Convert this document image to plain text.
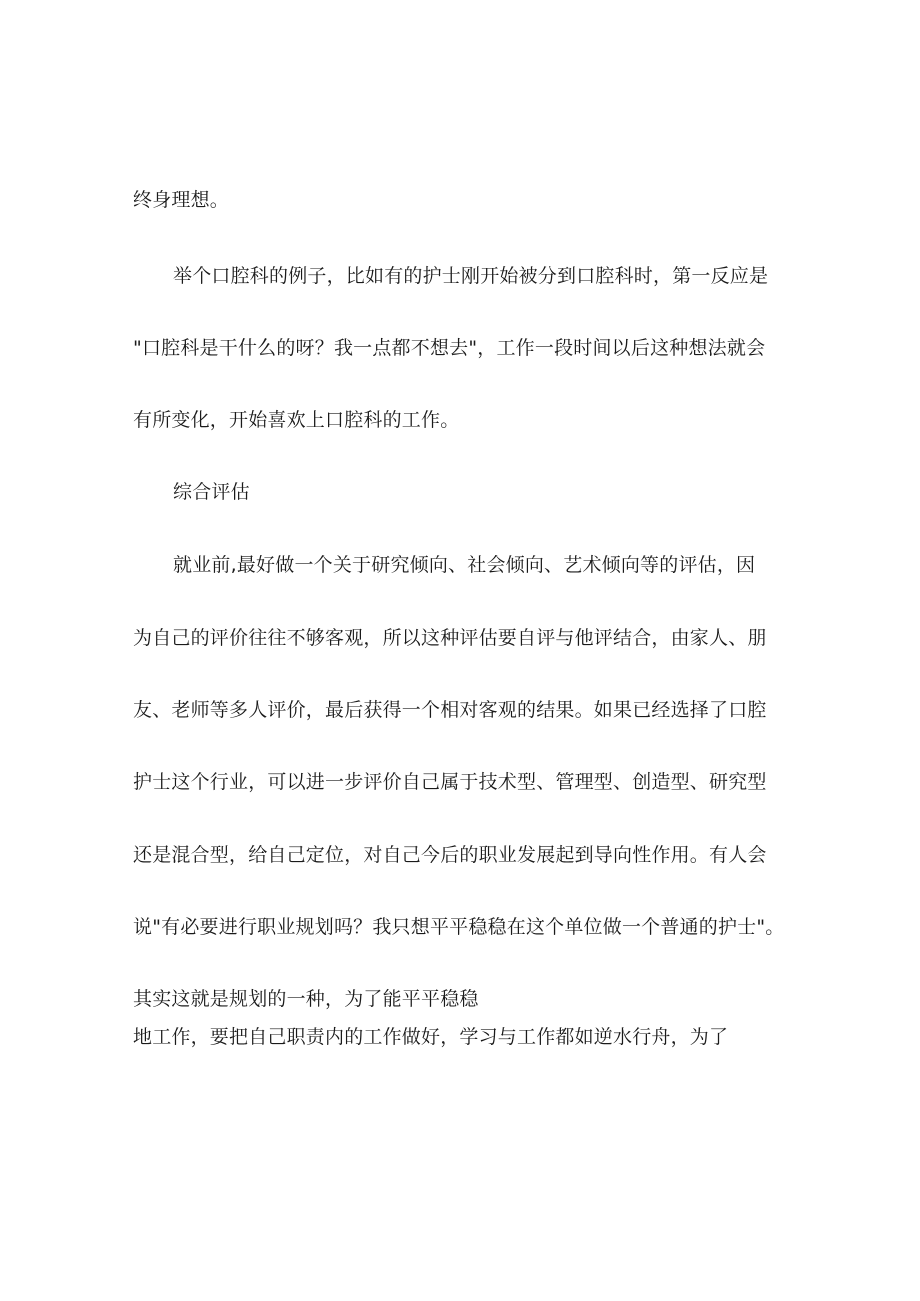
终身理想。
举个口腔科的例子，比如有的护士刚开始被分到口腔科时，第一反应是
"口腔科是干什么的呀？我一点都不想去"，工作一段时间以后这种想法就会
有所变化，开始喜欢上口腔科的工作。
综合评估
就业前,最好做一个关于研究倾向、社会倾向、艺术倾向等的评估，因
为自己的评价往往不够客观，所以这种评估要自评与他评结合，由家人、朋
友、老师等多人评价，最后获得一个相对客观的结果。如果已经选择了口腔
护士这个行业，可以进一步评价自己属于技术型、管理型、创造型、研究型
还是混合型，给自己定位，对自己今后的职业发展起到导向性作用。有人会
说"有必要进行职业规划吗？我只想平平稳稳在这个单位做一个普通的护士"。
其实这就是规划的一种，为了能平平稳稳
地工作，要把自己职责内的工作做好，学习与工作都如逆水行舟，为了
